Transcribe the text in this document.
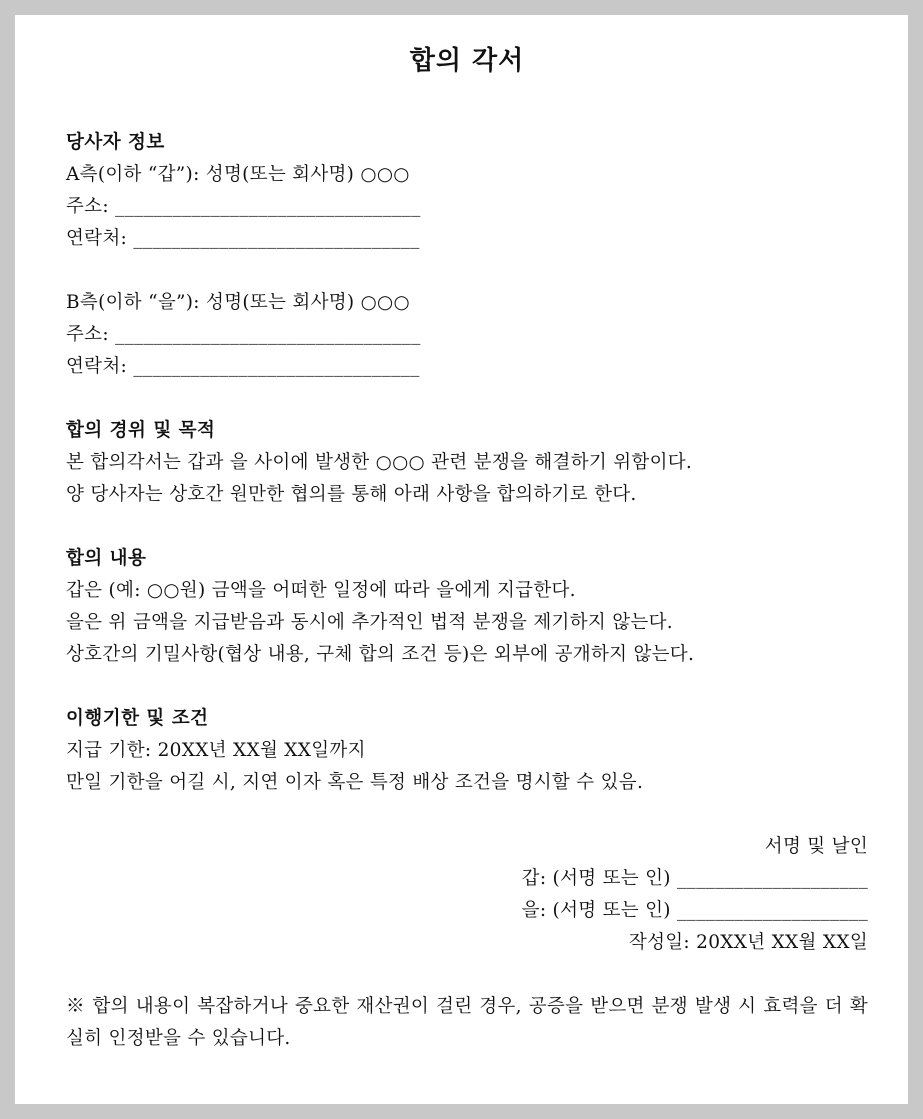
합의 각서
당사자 정보
A측(이하 “갑”): 성명(또는 회사명) ○○○
주소: ________________________________
연락처: ______________________________
B측(이하 “을”): 성명(또는 회사명) ○○○
주소: ________________________________
연락처: ______________________________
합의 경위 및 목적
본 합의각서는 갑과 을 사이에 발생한 ○○○ 관련 분쟁을 해결하기 위함이다.
양 당사자는 상호간 원만한 협의를 통해 아래 사항을 합의하기로 한다.
합의 내용
갑은 (예: ○○원) 금액을 어떠한 일정에 따라 을에게 지급한다.
을은 위 금액을 지급받음과 동시에 추가적인 법적 분쟁을 제기하지 않는다.
상호간의 기밀사항(협상 내용, 구체 합의 조건 등)은 외부에 공개하지 않는다.
이행기한 및 조건
지급 기한: 20XX년 XX월 XX일까지
만일 기한을 어길 시, 지연 이자 혹은 특정 배상 조건을 명시할 수 있음.
서명 및 날인
갑: (서명 또는 인) ____________________
을: (서명 또는 인) ____________________
작성일: 20XX년 XX월 XX일
※ 합의 내용이 복잡하거나 중요한 재산권이 걸린 경우, 공증을 받으면 분쟁 발생 시 효력을 더 확실히 인정받을 수 있습니다.
